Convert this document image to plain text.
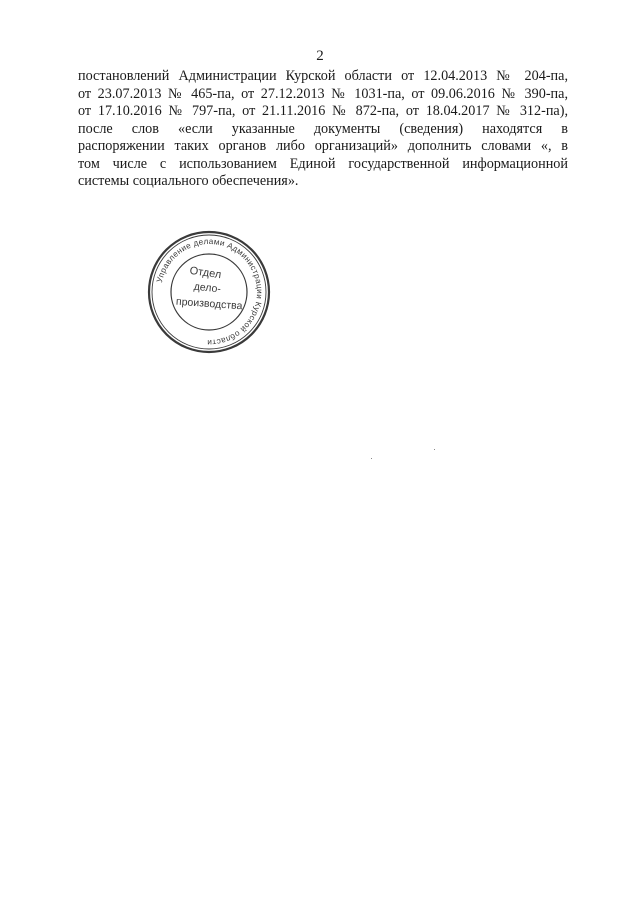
2
постановлений Администрации Курской области от 12.04.2013 № 204-па,
от 23.07.2013 № 465-па, от 27.12.2013 № 1031-па, от 09.06.2016 № 390-па,
от 17.10.2016 № 797-па, от 21.11.2016 № 872-па, от 18.04.2017 № 312-па),
после слов «если указанные документы (сведения) находятся в
распоряжении таких органов либо организаций» дополнить словами «, в
том числе с использованием Единой государственной информационной
системы социального обеспечения».
Управление делами Администрации Курской области
Отдел
дело-
производства
